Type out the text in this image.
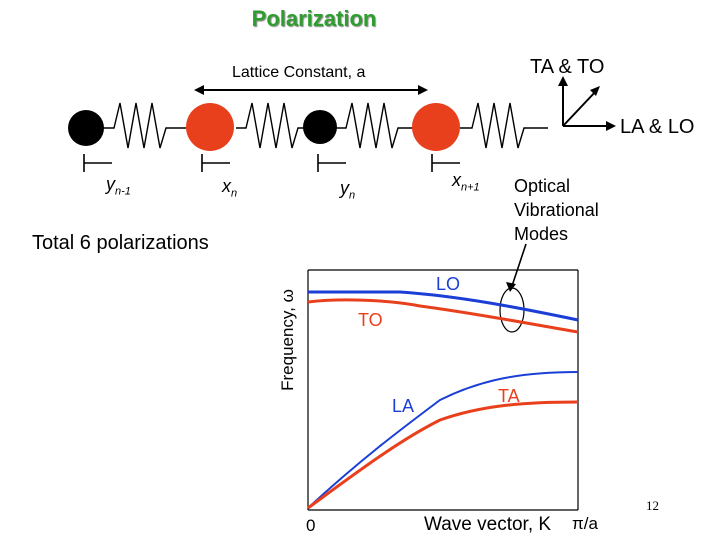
Polarization
Lattice Constant, a	TA & TO
LA & LO
$y_{n-1}$	$x_n$	$y_n$
$x_{n+1}$ Optical Vibrational Modes
Total 6 polarizations
Frequency, ω
LO
TO
TA
LA
0	Wave vector, K π/a
12
